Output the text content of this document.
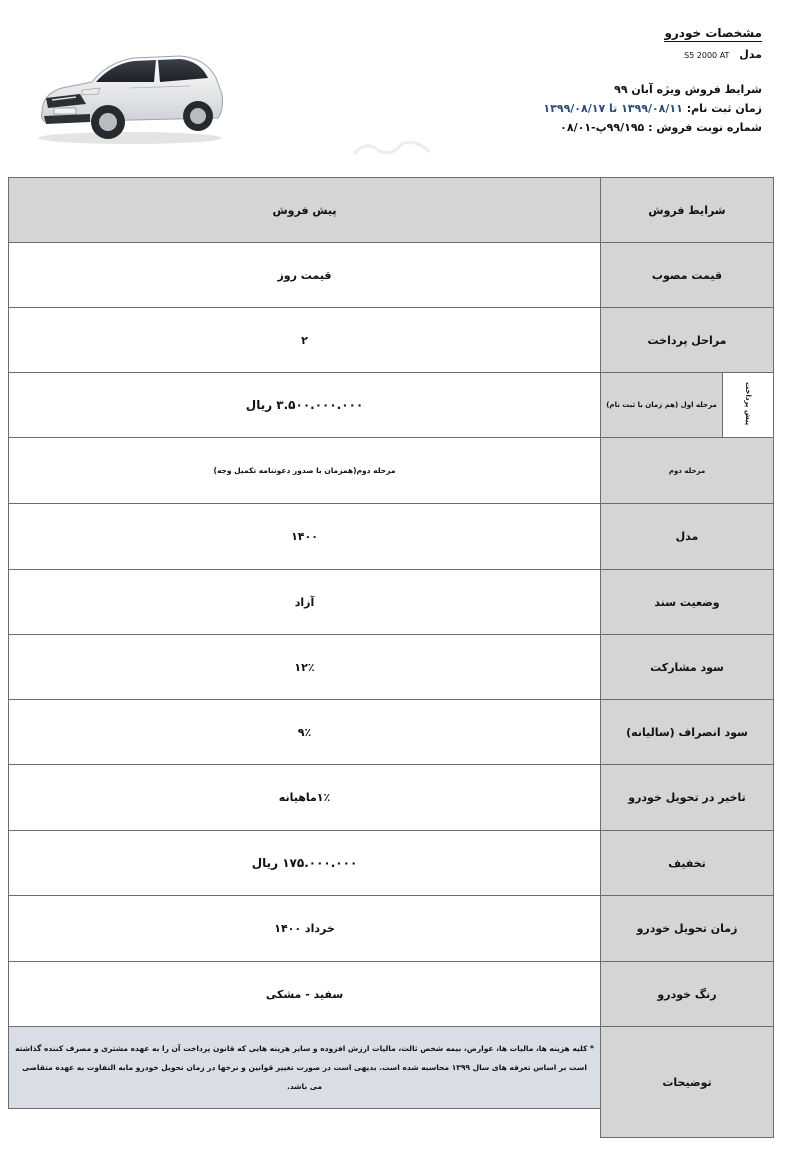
مشخصات خودرو
مدل S5 2000 AT
شرایط فروش ویژه آبان ۹۹
زمان ثبت نام: ۱۳۹۹/۰۸/۱۱ تا ۱۳۹۹/۰۸/۱۷
شماره نوبت فروش : ۹۹/۱۹۵پ-۰۸/۰۱
پیش فروش	شرایط فروش	
قیمت روز	قیمت مصوب	
۲	مراحل پرداخت	
۳.۵۰۰.۰۰۰.۰۰۰ ریال	مرحله اول (هم زمان با ثبت نام)	پیش پرداخت
مرحله دوم(همزمان با صدور دعوتنامه تکمیل وجه)	مرحله دوم	
۱۴۰۰	مدل	
آزاد	وضعیت سند	
۱۲٪	سود مشارکت	
۹٪	سود انصراف (سالیانه)	
۱٪ماهیانه	تاخیر در تحویل خودرو	
۱۷۵.۰۰۰.۰۰۰ ریال	تخفیف	
خرداد ۱۴۰۰	زمان تحویل خودرو	
سفید - مشکی	رنگ خودرو	
* کلیه هزینه ها، مالیات ها، عوارض، بیمه شخص ثالث، مالیات ارزش افزوده و سایر هزینه هایی که قانون پرداخت آن را به عهده مشتری و مصرف کننده گذاشته است بر اساس تعرفه های سال ۱۳۹۹ محاسبه شده است. بدیهی است در صورت تغییر قوانین و نرخها در زمان تحویل خودرو مابه التفاوت به عهده متقاضی می باشد.	توضیحات	
